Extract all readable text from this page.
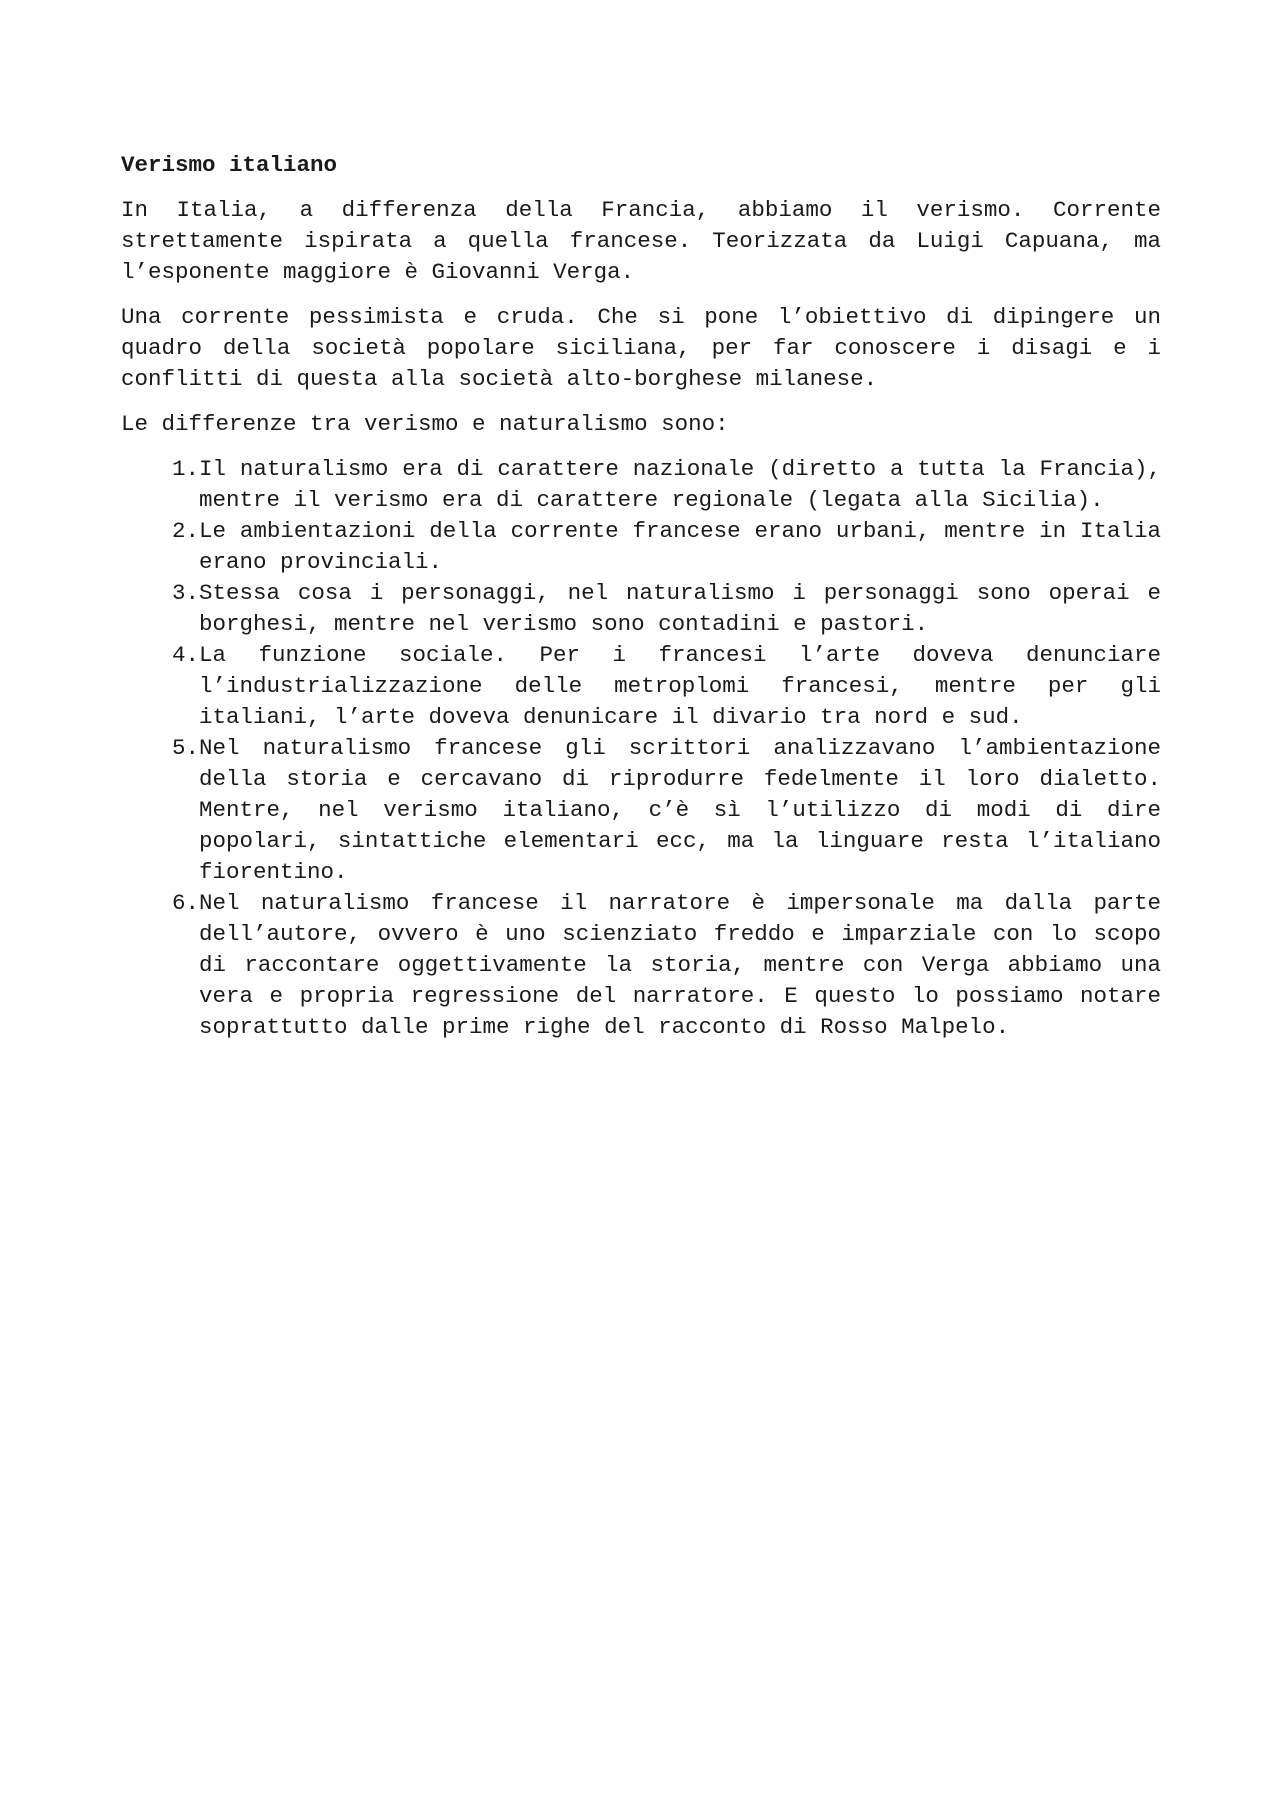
Verismo italiano

In Italia, a differenza della Francia, abbiamo il verismo. Corrente strettamente ispirata a quella francese. Teorizzata da Luigi Capuana, ma l’esponente maggiore è Giovanni Verga.

Una corrente pessimista e cruda. Che si pone l’obiettivo di dipingere un quadro della società popolare siciliana, per far conoscere i disagi e i conflitti di questa alla società alto-borghese milanese.

Le differenze tra verismo e naturalismo sono:

1. Il naturalismo era di carattere nazionale (diretto a tutta la Francia), mentre il verismo era di carattere regionale (legata alla Sicilia).
2. Le ambientazioni della corrente francese erano urbani, mentre in Italia erano provinciali.
3. Stessa cosa i personaggi, nel naturalismo i personaggi sono operai e borghesi, mentre nel verismo sono contadini e pastori.
4. La funzione sociale. Per i francesi l’arte doveva denunciare l’industrializzazione delle metroplomi francesi, mentre per gli italiani, l’arte doveva denunicare il divario tra nord e sud.
5. Nel naturalismo francese gli scrittori analizzavano l’ambientazione della storia e cercavano di riprodurre fedelmente il loro dialetto. Mentre, nel verismo italiano, c’è sì l’utilizzo di modi di dire popolari, sintattiche elementari ecc, ma la linguare resta l’italiano fiorentino.
6. Nel naturalismo francese il narratore è impersonale ma dalla parte dell’autore, ovvero è uno scienziato freddo e imparziale con lo scopo di raccontare oggettivamente la storia, mentre con Verga abbiamo una vera e propria regressione del narratore. E questo lo possiamo notare soprattutto dalle prime righe del racconto di Rosso Malpelo.
